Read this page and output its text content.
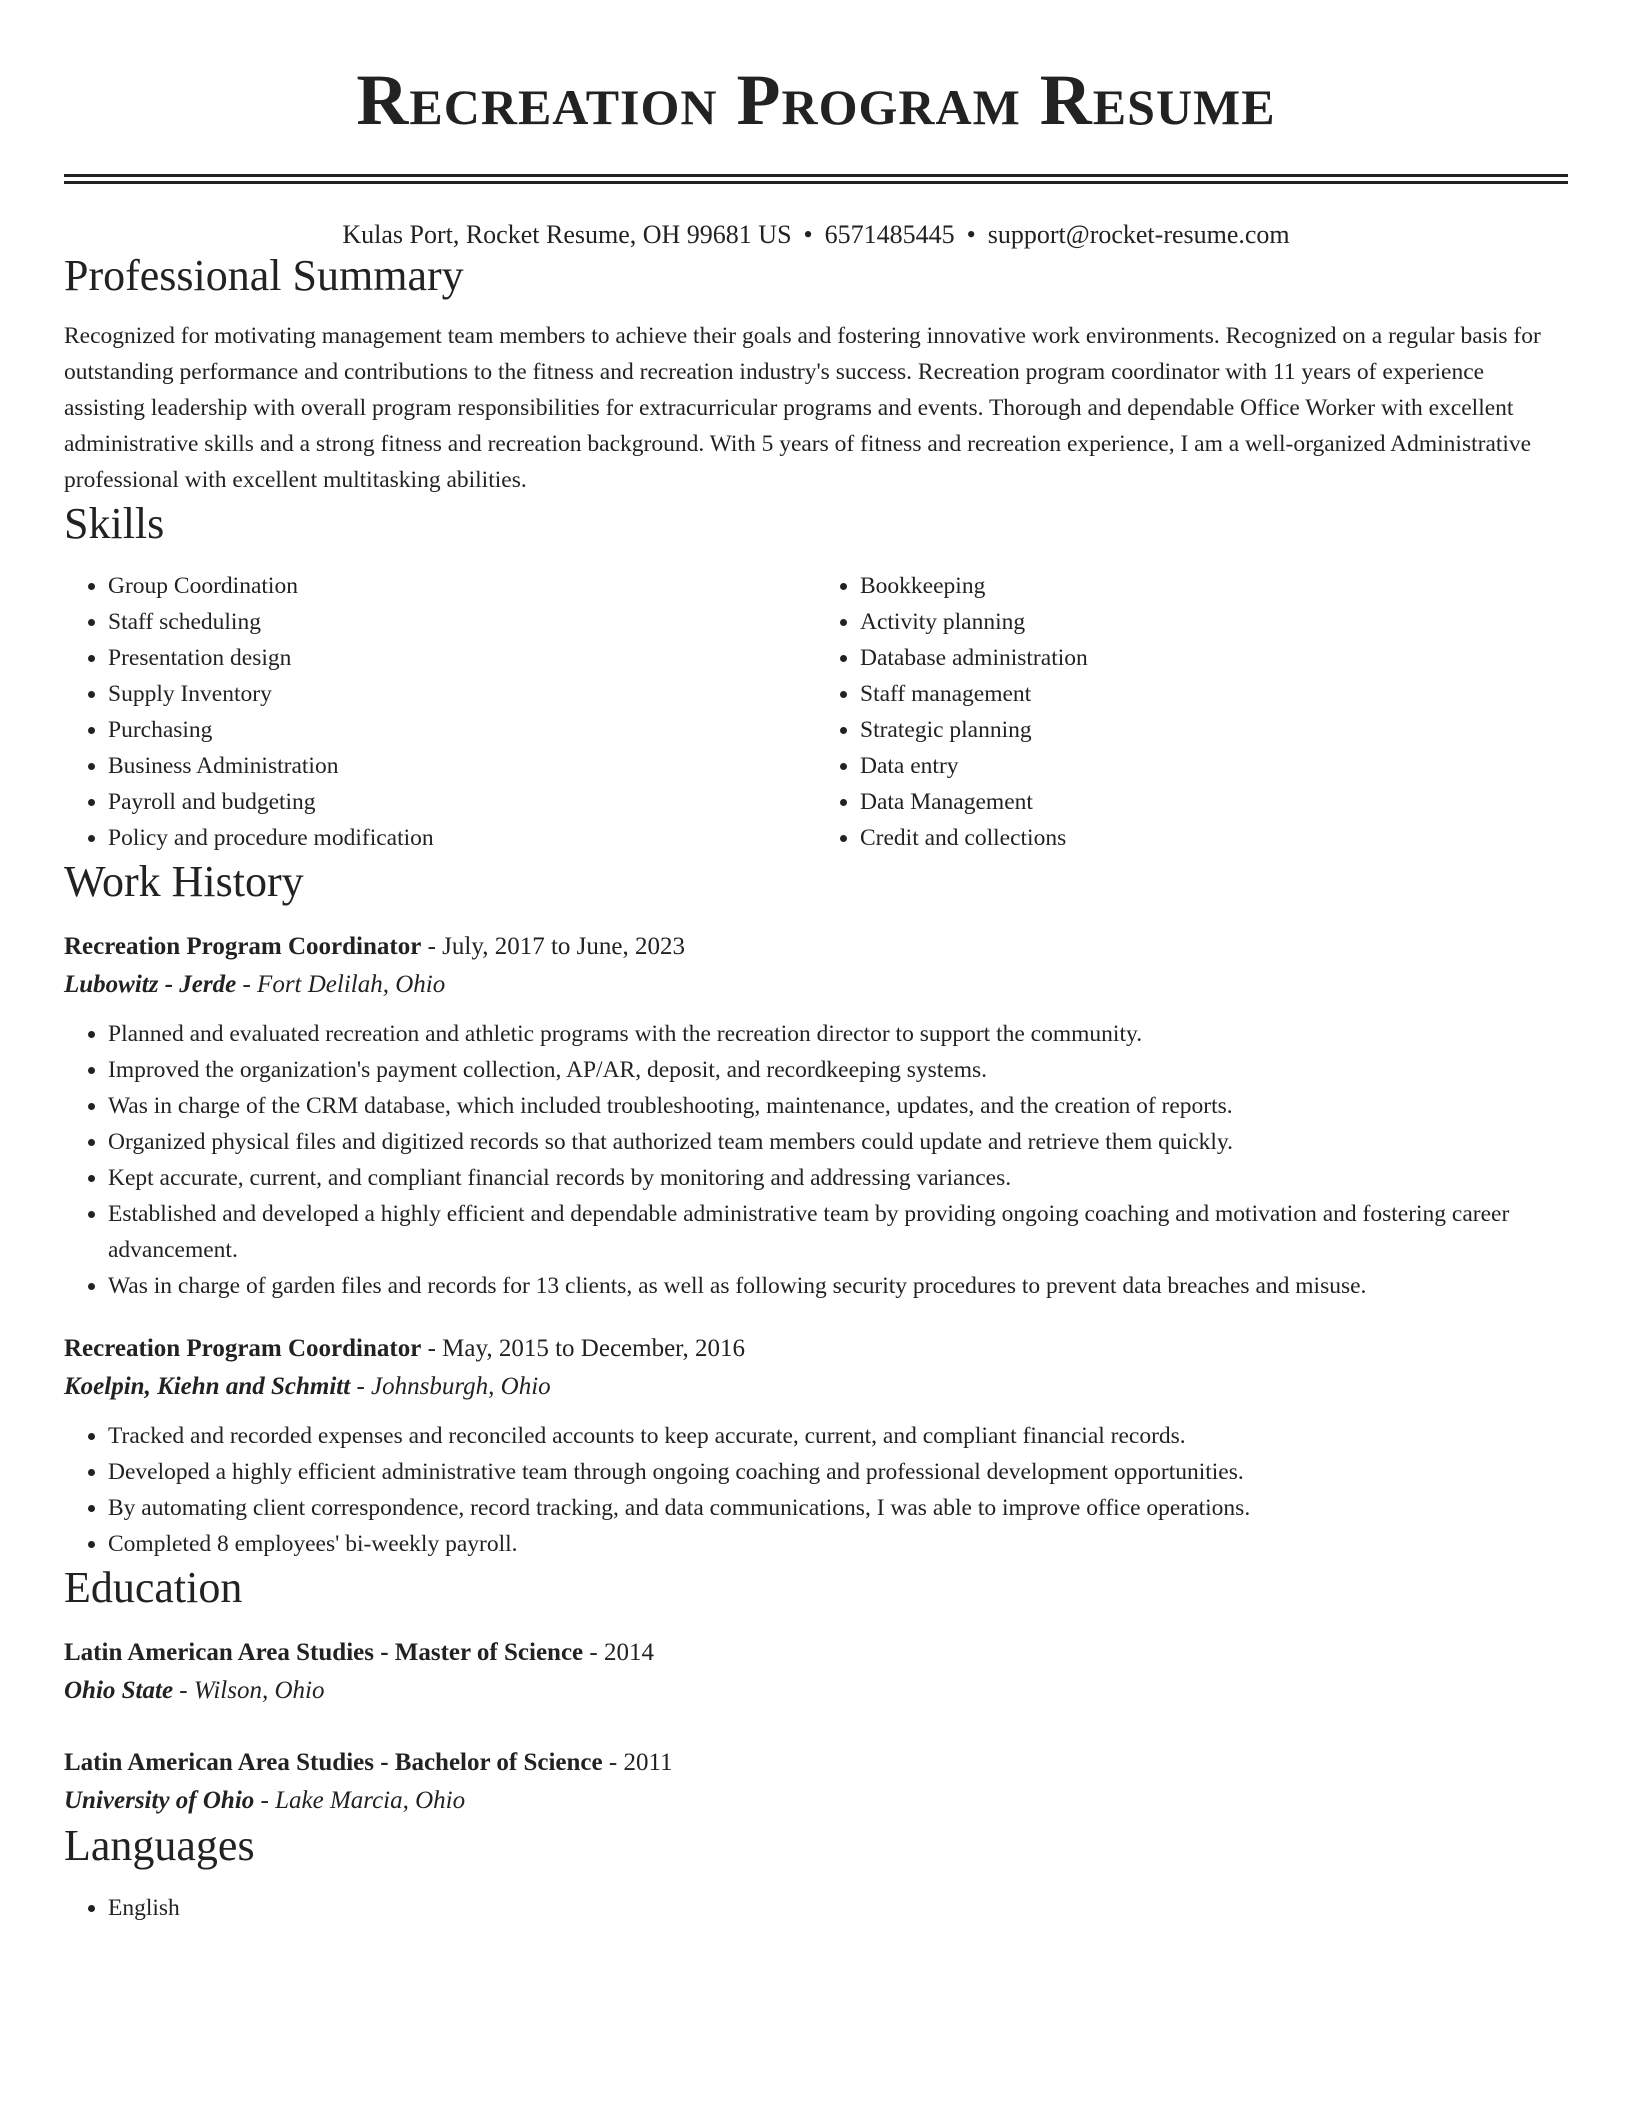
Recreation Program Resume
Kulas Port, Rocket Resume, OH 99681 US • 6571485445 • support@rocket-resume.com
Professional Summary

Recognized for motivating management team members to achieve their goals and fostering innovative work environments. Recognized on a regular basis for outstanding performance and contributions to the fitness and recreation industry's success. Recreation program coordinator with 11 years of experience assisting leadership with overall program responsibilities for extracurricular programs and events. Thorough and dependable Office Worker with excellent administrative skills and a strong fitness and recreation background. With 5 years of fitness and recreation experience, I am a well-organized Administrative professional with excellent multitasking abilities.

Skills
• Group Coordination
• Staff scheduling
• Presentation design
• Supply Inventory
• Purchasing
• Business Administration
• Payroll and budgeting
• Policy and procedure modification
• Bookkeeping
• Activity planning
• Database administration
• Staff management
• Strategic planning
• Data entry
• Data Management
• Credit and collections
Work History
Recreation Program Coordinator - July, 2017 to June, 2023
Lubowitz - Jerde - Fort Delilah, Ohio
• Planned and evaluated recreation and athletic programs with the recreation director to support the community.
• Improved the organization's payment collection, AP/AR, deposit, and recordkeeping systems.
• Was in charge of the CRM database, which included troubleshooting, maintenance, updates, and the creation of reports.
• Organized physical files and digitized records so that authorized team members could update and retrieve them quickly.
• Kept accurate, current, and compliant financial records by monitoring and addressing variances.
• Established and developed a highly efficient and dependable administrative team by providing ongoing coaching and motivation and fostering career advancement.
• Was in charge of garden files and records for 13 clients, as well as following security procedures to prevent data breaches and misuse.
Recreation Program Coordinator - May, 2015 to December, 2016
Koelpin, Kiehn and Schmitt - Johnsburgh, Ohio
• Tracked and recorded expenses and reconciled accounts to keep accurate, current, and compliant financial records.
• Developed a highly efficient administrative team through ongoing coaching and professional development opportunities.
• By automating client correspondence, record tracking, and data communications, I was able to improve office operations.
• Completed 8 employees' bi-weekly payroll.
Education
Latin American Area Studies - Master of Science - 2014
Ohio State - Wilson, Ohio
Latin American Area Studies - Bachelor of Science - 2011
University of Ohio - Lake Marcia, Ohio
Languages
• English
